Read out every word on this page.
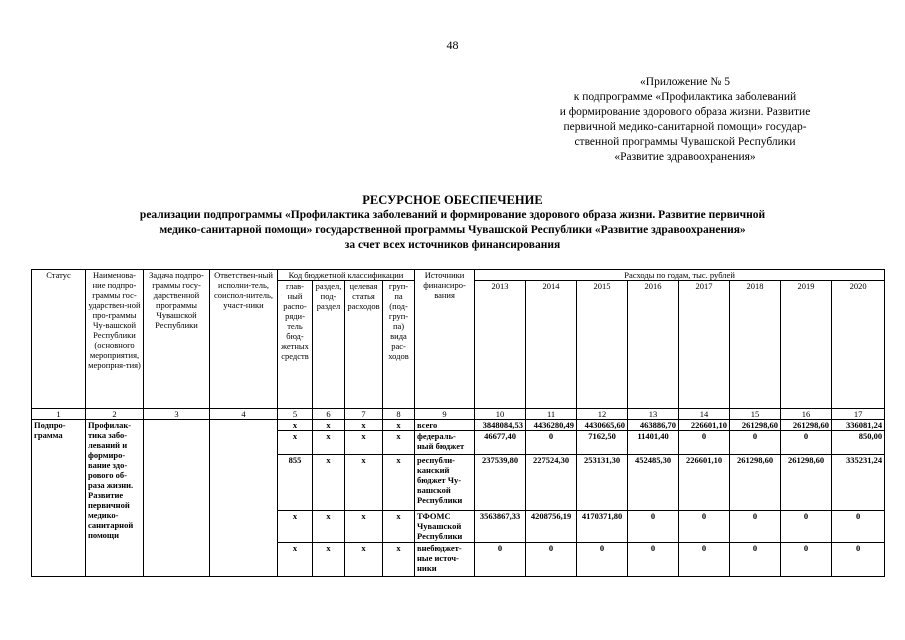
48
«Приложение № 5
к подпрограмме «Профилактика заболеваний
и формирование здорового образа жизни. Развитие
первичной медико-санитарной помощи» государ-
ственной программы Чувашской Республики
«Развитие здравоохранения»
РЕСУРСНОЕ ОБЕСПЕЧЕНИЕ
реализации подпрограммы «Профилактика заболеваний и формирование здорового образа жизни. Развитие первичной
медико-санитарной помощи» государственной программы Чувашской Республики «Развитие здравоохранения»
за счет всех источников финансирования
Статус	Наименова-ние подпро-граммы гос-ударствен-ной про-граммы Чу-вашской Республики (основного мероприятия, меропрня-тия)	Задача подпро-граммы госу-дарственной программы Чувашской Республики	Ответствен-ный исполни-тель, соиспол-нитель, участ-ники	Код бюджетной классификации				Источники финансиро-вания	Расходы по годам, тыс. рублей							
				глав-ный распо-ряди-тель бюд-жетных средств	раздел, под-раздел	целевая статья расходов	груп-па (под-груп-па) вида рас-ходов		2013	2014	2015	2016	2017	2018	2019	2020
1	2	3	4	5	6	7	8	9	10	11	12	13	14	15	16	17
Подпро-грамма	Профилак-тика забо-леваний и формиро-вание здо-рового об-раза жизни. Развитие первичной медико-санитарной помощи			x	x	x	x	всего	3848084,53	4436280,49	4430665,60	463886,70	226601,10	261298,60	261298,60	336081,24
				x	x	x	x	федераль-ный бюджет	46677,40	0	7162,50	11401,40	0	0	0	850,00
				855	x	x	x	республи-канский бюджет Чу-вашской Республики	237539,80	227524,30	253131,30	452485,30	226601,10	261298,60	261298,60	335231,24
				x	x	x	x	ТФОМС Чувашской Республики	3563867,33	4208756,19	4170371,80	0	0	0	0	0
				x	x	x	x	внебюджет-ные источ-ники	0	0	0	0	0	0	0	0
